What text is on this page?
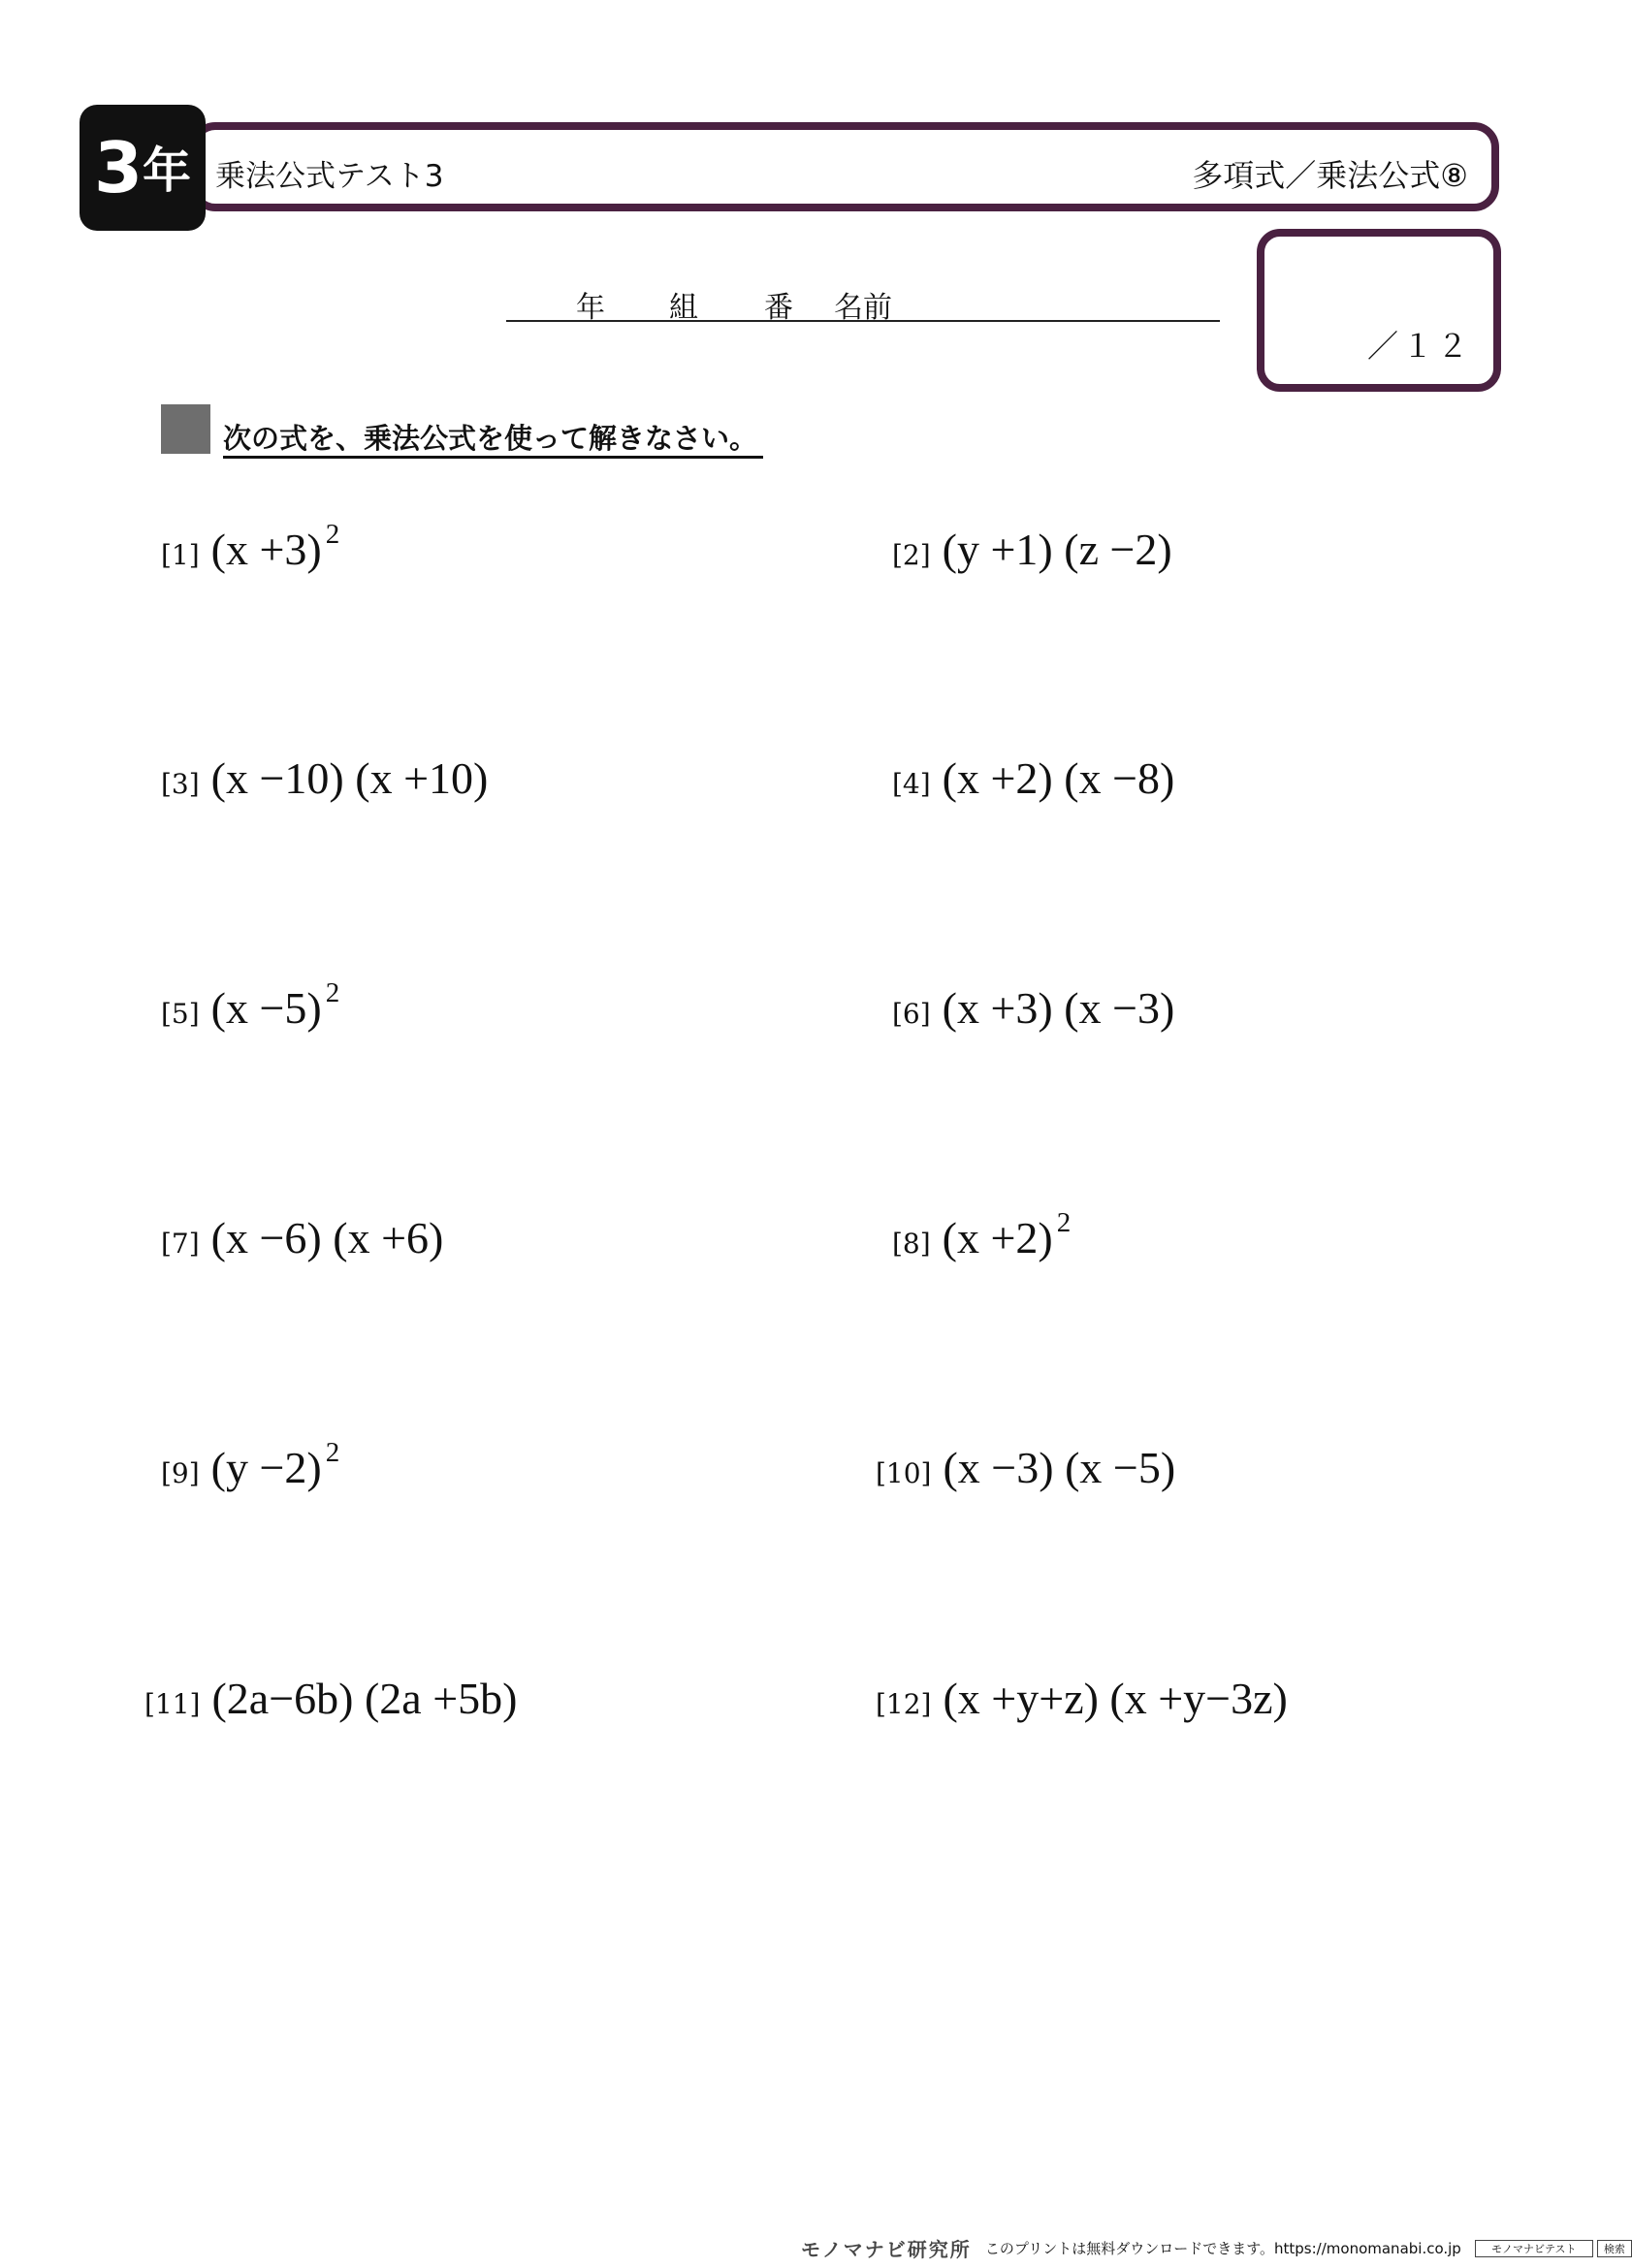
3 年 乗法公式テスト3	多項式／乗法公式⑧
年 組 番 名前
／１２
次の式を、乗法公式を使って解きなさい。
[1] (x +3) 2
[2] (y +1) (z −2)
[3] (x −10) (x +10)	[4] (x +2) (x −8)
[5] (x −5) 2
[6] (x +3) (x −3)
[7] (x −6) (x +6)	[8] (x +2) 2
[9] (y −2) 2
[10] (x −3) (x −5)
[11] (2a−6b) (2a +5b)	[12] (x +y+z) (x +y−3z)
モノマナビ研究所 このプリントは無料ダウンロードできます。https://monomanabi.co.jp	モノマナビテスト	検索
